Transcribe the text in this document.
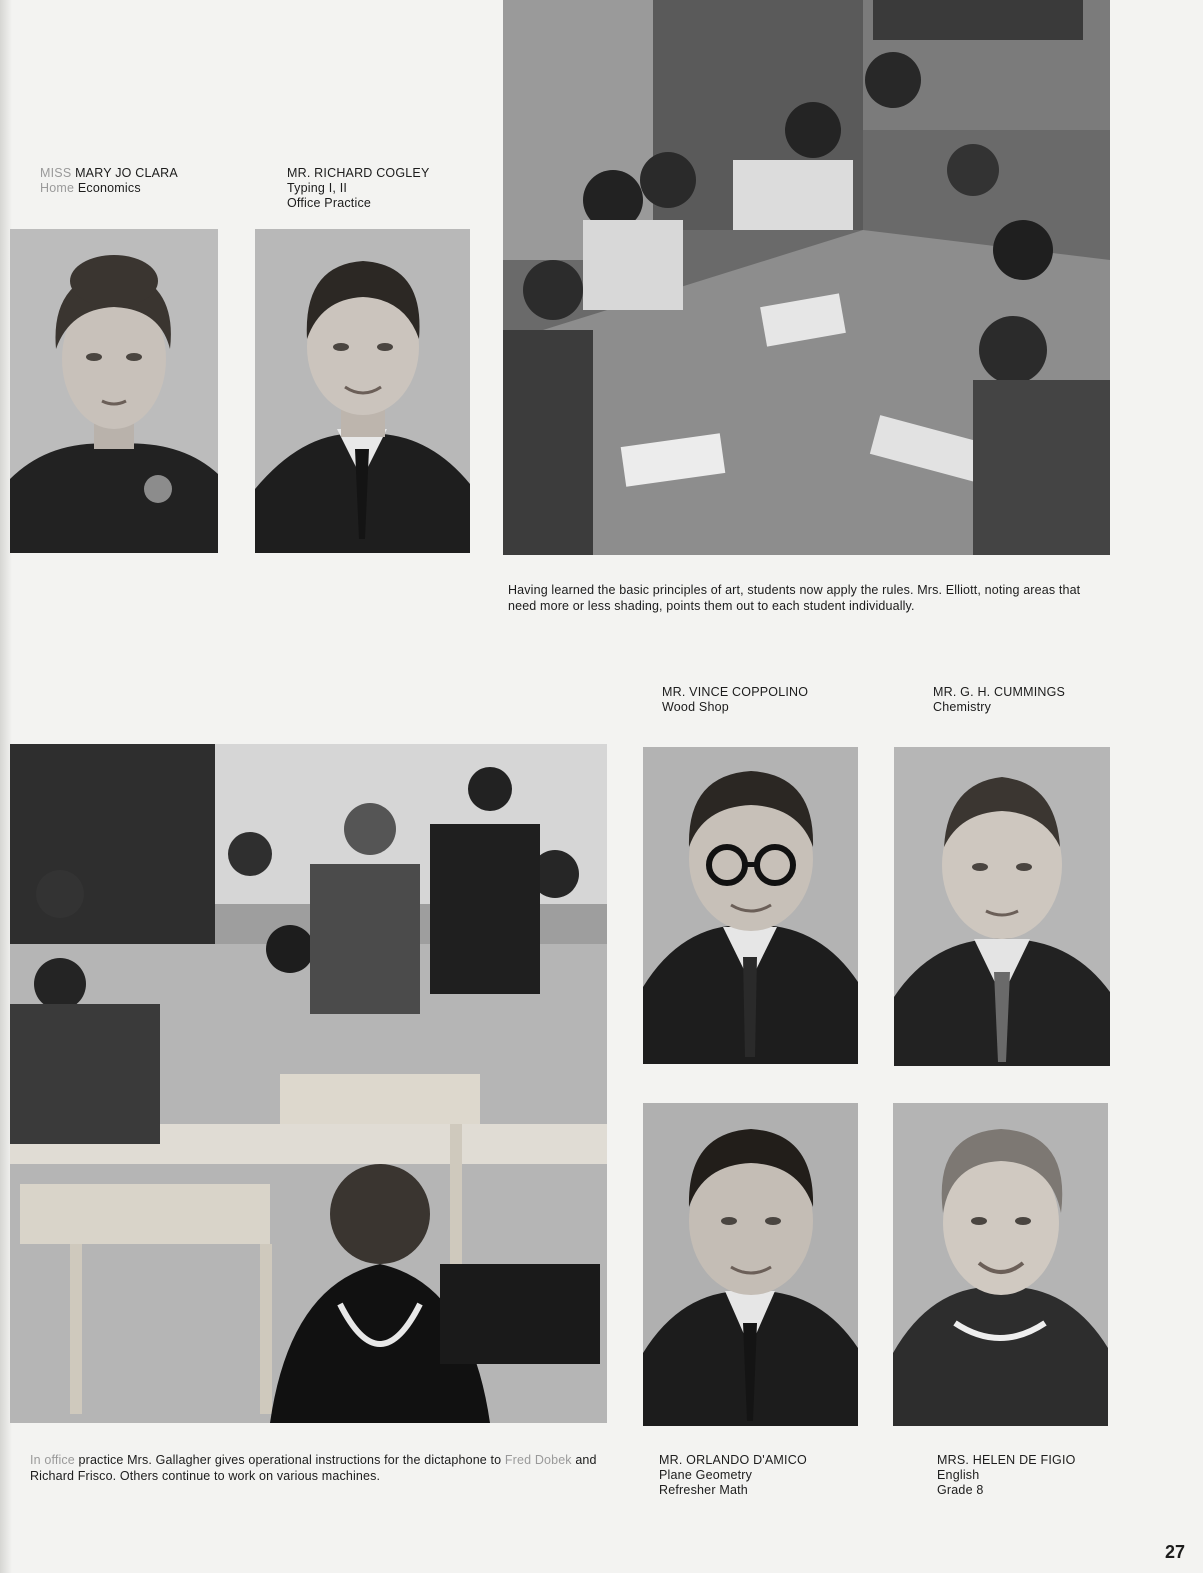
MISS MARY JO CLARA
Home Economics
MR. RICHARD COGLEY
Typing I, II
Office Practice
Having learned the basic principles of art, students now apply the rules. Mrs. Elliott, noting areas that need more or less shading, points them out to each student individually.
MR. VINCE COPPOLINO
Wood Shop
MR. G. H. CUMMINGS
Chemistry
In office practice Mrs. Gallagher gives operational instructions for the dictaphone to Fred Dobek and Richard Frisco. Others continue to work on various machines.
MR. ORLANDO D'AMICO
Plane Geometry
Refresher Math
MRS. HELEN DE FIGIO
English
Grade 8
27
